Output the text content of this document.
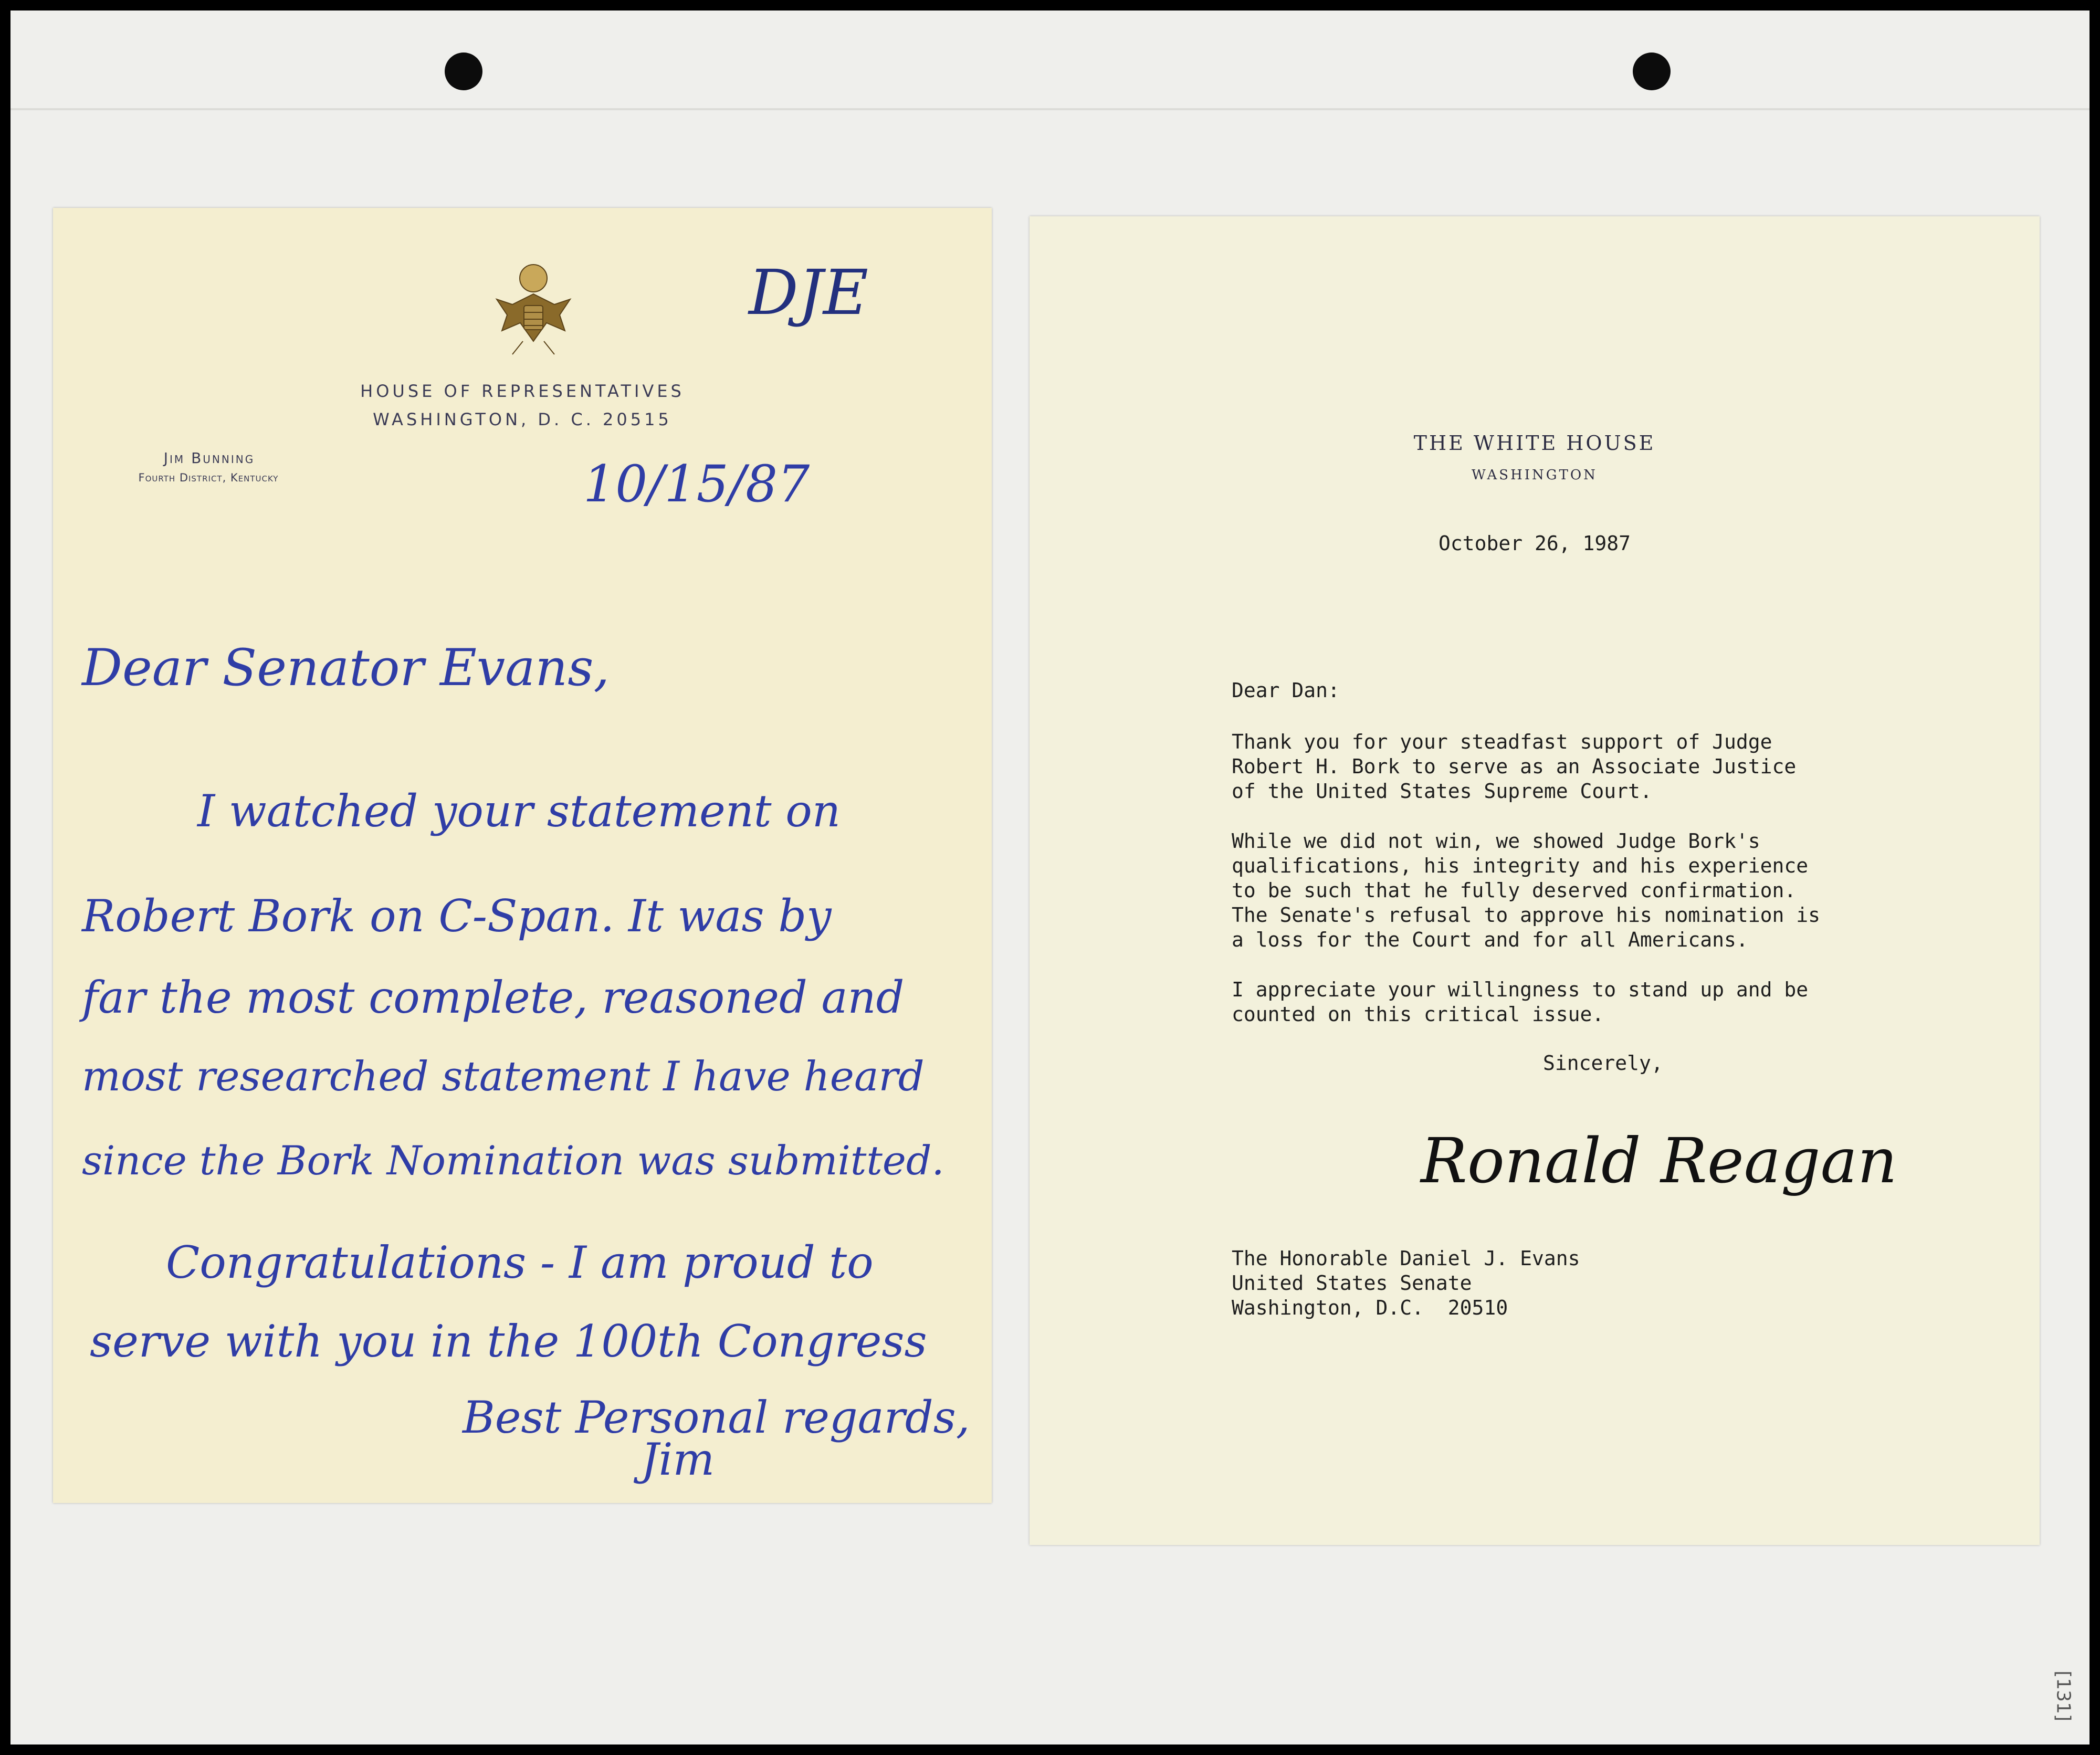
HOUSE OF REPRESENTATIVES
WASHINGTON, D. C. 20515
Jim Bunning
Fourth District, Kentucky
DJE
10/15/87
Dear Senator Evans,
I watched your statement on
Robert Bork on C-Span. It was by
far the most complete, reasoned and
most researched statement I have heard
since the Bork Nomination was submitted.
Congratulations - I am proud to
serve with you in the 100th Congress
Best Personal regards,
Jim
THE WHITE HOUSE
WASHINGTON
October 26, 1987
Dear Dan:
Thank you for your steadfast support of Judge
Robert H. Bork to serve as an Associate Justice
of the United States Supreme Court.
While we did not win, we showed Judge Bork's
qualifications, his integrity and his experience
to be such that he fully deserved confirmation.
The Senate's refusal to approve his nomination is
a loss for the Court and for all Americans.
I appreciate your willingness to stand up and be
counted on this critical issue.
Sincerely,
Ronald Reagan
The Honorable Daniel J. Evans
United States Senate
Washington, D.C.  20510
[131]
